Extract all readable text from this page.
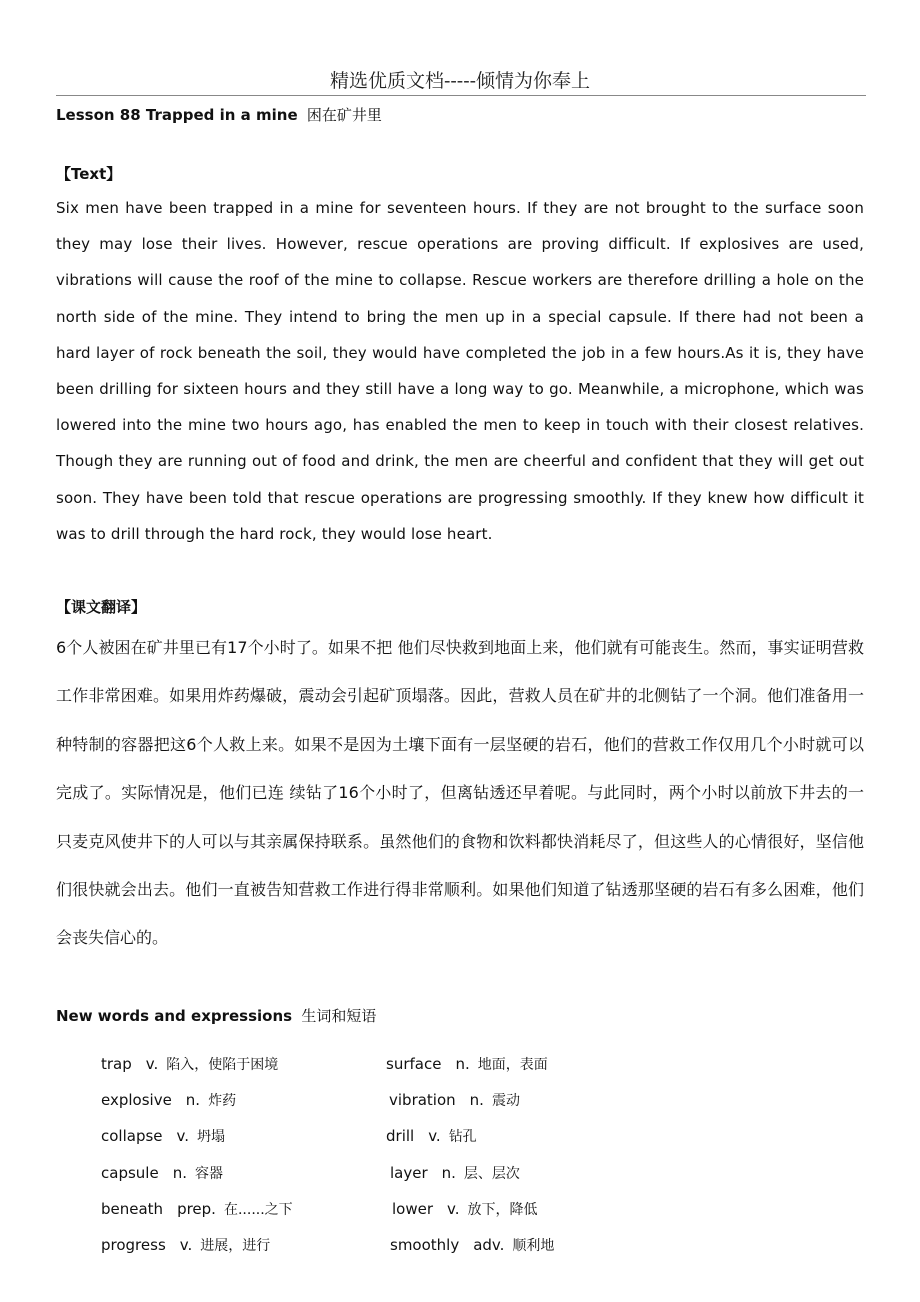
精选优质文档-----倾情为你奉上
Lesson 88 Trapped in a mine 困在矿井里
【Text】

Six men have been trapped in a mine for seventeen hours. If they are not brought to the surface soon they may lose their lives. However, rescue operations are proving difficult. If explosives are used, vibrations will cause the roof of the mine to collapse. Rescue workers are therefore drilling a hole on the north side of the mine. They intend to bring the men up in a special capsule. If there had not been a hard layer of rock beneath the soil, they would have completed the job in a few hours.As it is, they have been drilling for sixteen hours and they still have a long way to go. Meanwhile, a microphone, which was lowered into the mine two hours ago, has enabled the men to keep in touch with their closest relatives. Though they are running out of food and drink, the men are cheerful and confident that they will get out soon. They have been told that rescue operations are progressing smoothly. If they knew how difficult it was to drill through the hard rock, they would lose heart.

【课文翻译】

6个人被困在矿井里已有17个小时了。如果不把 他们尽快救到地面上来，他们就有可能丧生。然而，事实证明营救工作非常困难。如果用炸药爆破，震动会引起矿顶塌落。因此，营救人员在矿井的北侧钻了一个洞。他们准备用一种特制的容器把这6个人救上来。如果不是因为土壤下面有一层坚硬的岩石，他们的营救工作仅用几个小时就可以完成了。实际情况是，他们已连 续钻了16个小时了，但离钻透还早着呢。与此同时，两个小时以前放下井去的一只麦克风使井下的人可以与其亲属保持联系。虽然他们的食物和饮料都快消耗尽了，但这些人的心情很好，坚信他们很快就会出去。他们一直被告知营救工作进行得非常顺利。如果他们知道了钻透那坚硬的岩石有多么困难，他们会丧失信心的。

New words and expressions 生词和短语
trap v. 陷入，使陷于困境	surface n. 地面，表面
explosive n. 炸药	vibration n. 震动
collapse v. 坍塌	drill v. 钻孔
capsule n. 容器	layer n. 层、层次
beneath prep. 在......之下	lower v. 放下，降低
progress v. 进展，进行	smoothly adv. 顺利地
